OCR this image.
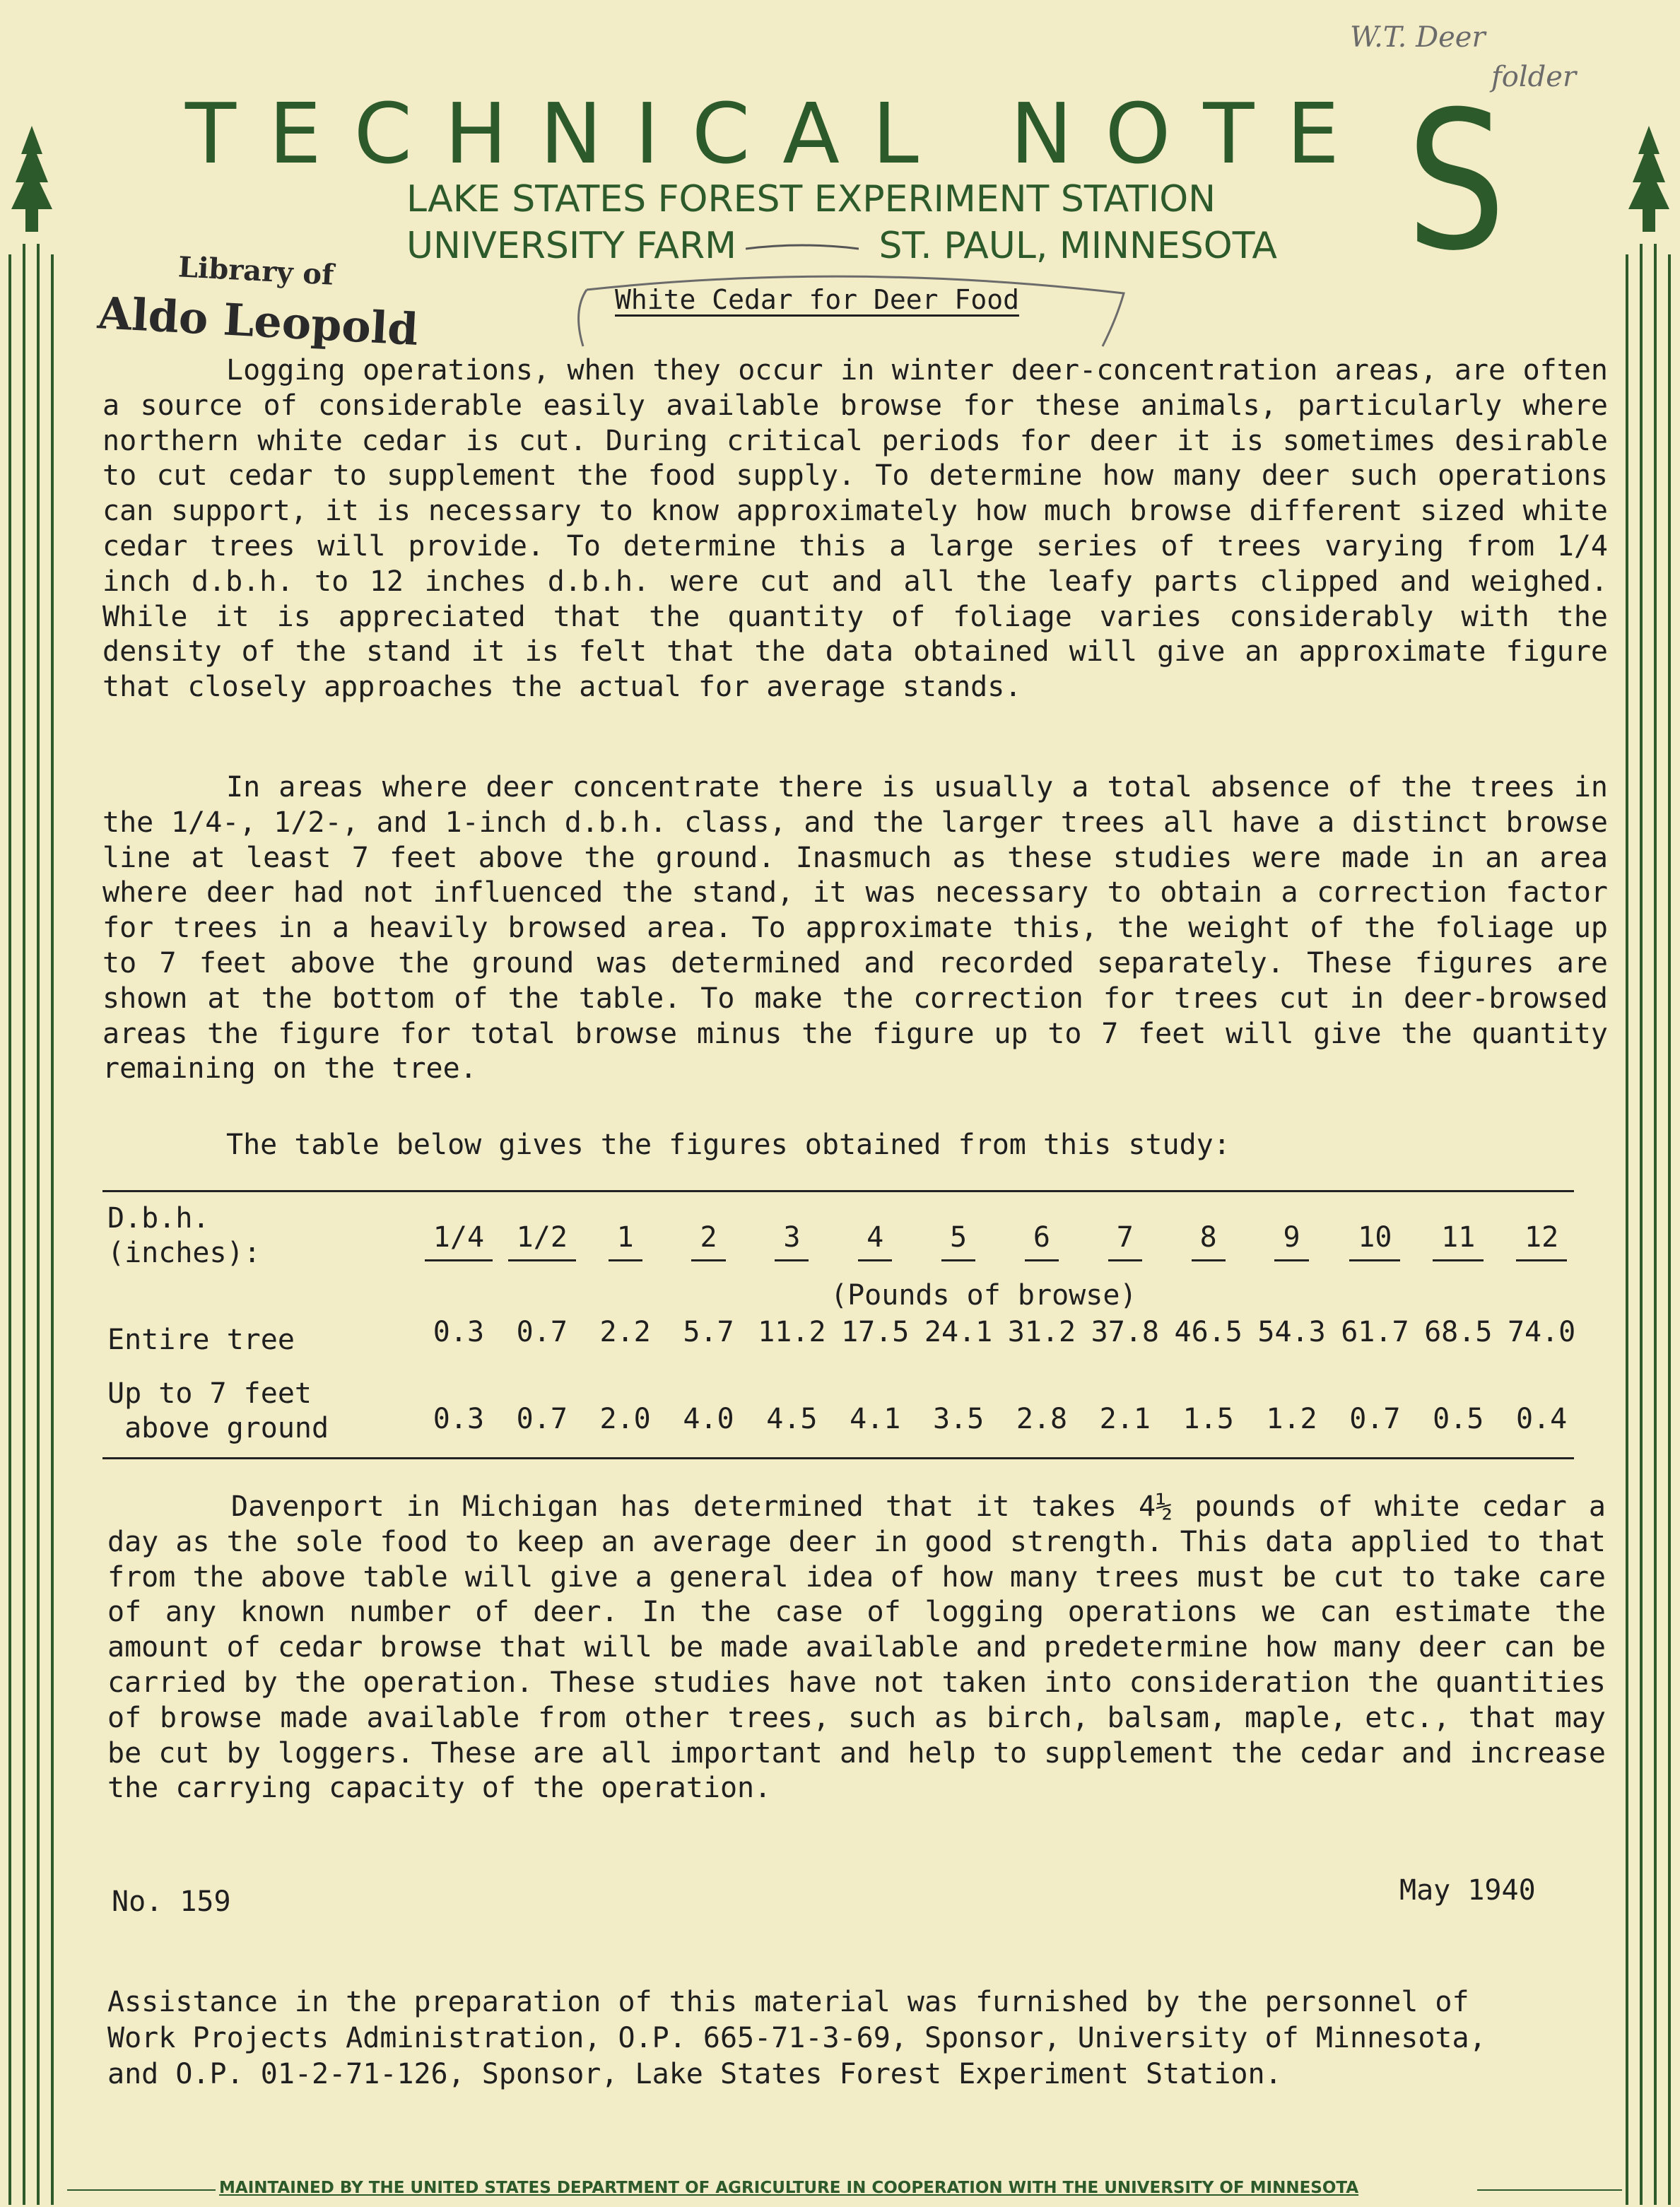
TECHNICAL NOTE S
LAKE STATES FOREST EXPERIMENT STATION
UNIVERSITY FARM	ST. PAUL, MINNESOTA
Library of
Aldo Leopold
W.T. Deer
folder
White Cedar for Deer Food

Logging operations, when they occur in winter deer-concentration areas, are often a source of considerable easily available browse for these animals, particularly where northern white cedar is cut. During critical periods for deer it is sometimes desirable to cut cedar to supplement the food supply. To determine how many deer such operations can support, it is necessary to know approximately how much browse different sized white cedar trees will provide. To determine this a large series of trees varying from 1/4 inch d.b.h. to 12 inches d.b.h. were cut and all the leafy parts clipped and weighed. While it is appreciated that the quantity of foliage varies considerably with the density of the stand it is felt that the data obtained will give an approximate figure that closely approaches the actual for average stands.

In areas where deer concentrate there is usually a total absence of the trees in the 1/4-, 1/2-, and 1-inch d.b.h. class, and the larger trees all have a distinct browse line at least 7 feet above the ground. Inasmuch as these studies were made in an area where deer had not influenced the stand, it was necessary to obtain a correction factor for trees in a heavily browsed area. To approximate this, the weight of the foliage up to 7 feet above the ground was determined and recorded separately. These figures are shown at the bottom of the table. To make the correction for trees cut in deer-browsed areas the figure for total browse minus the figure up to 7 feet will give the quantity remaining on the tree.

The table below gives the figures obtained from this study:

D.b.h.
(inches):	1/4	1/2	1	2	3	4	5	6	7	8	9	10	11	12
(Pounds of browse)
Entire tree	0.3	0.7	2.2	5.7 11.2 17.5 24.1 31.2 37.8 46.5 54.3 61.7 68.5 74.0
Up to 7 feet
above ground	0.3	0.7	2.0	4.0	4.5	4.1	3.5	2.8	2.1	1.5	1.2	0.7	0.5	0.4

Davenport in Michigan has determined that it takes 4½ pounds of white cedar a day as the sole food to keep an average deer in good strength. This data applied to that from the above table will give a general idea of how many trees must be cut to take care of any known number of deer. In the case of logging operations we can estimate the amount of cedar browse that will be made available and predetermine how many deer can be carried by the operation. These studies have not taken into consideration the quantities of browse made available from other trees, such as birch, balsam, maple, etc., that may be cut by loggers. These are all important and help to supplement the cedar and increase the carrying capacity of the operation.

No. 159	May 1940
Assistance in the preparation of this material was furnished by the personnel of
Work Projects Administration, O.P. 665-71-3-69, Sponsor, University of Minnesota,
and O.P. 01-2-71-126, Sponsor, Lake States Forest Experiment Station.
MAINTAINED BY THE UNITED STATES DEPARTMENT OF AGRICULTURE IN COOPERATION WITH THE UNIVERSITY OF MINNESOTA
